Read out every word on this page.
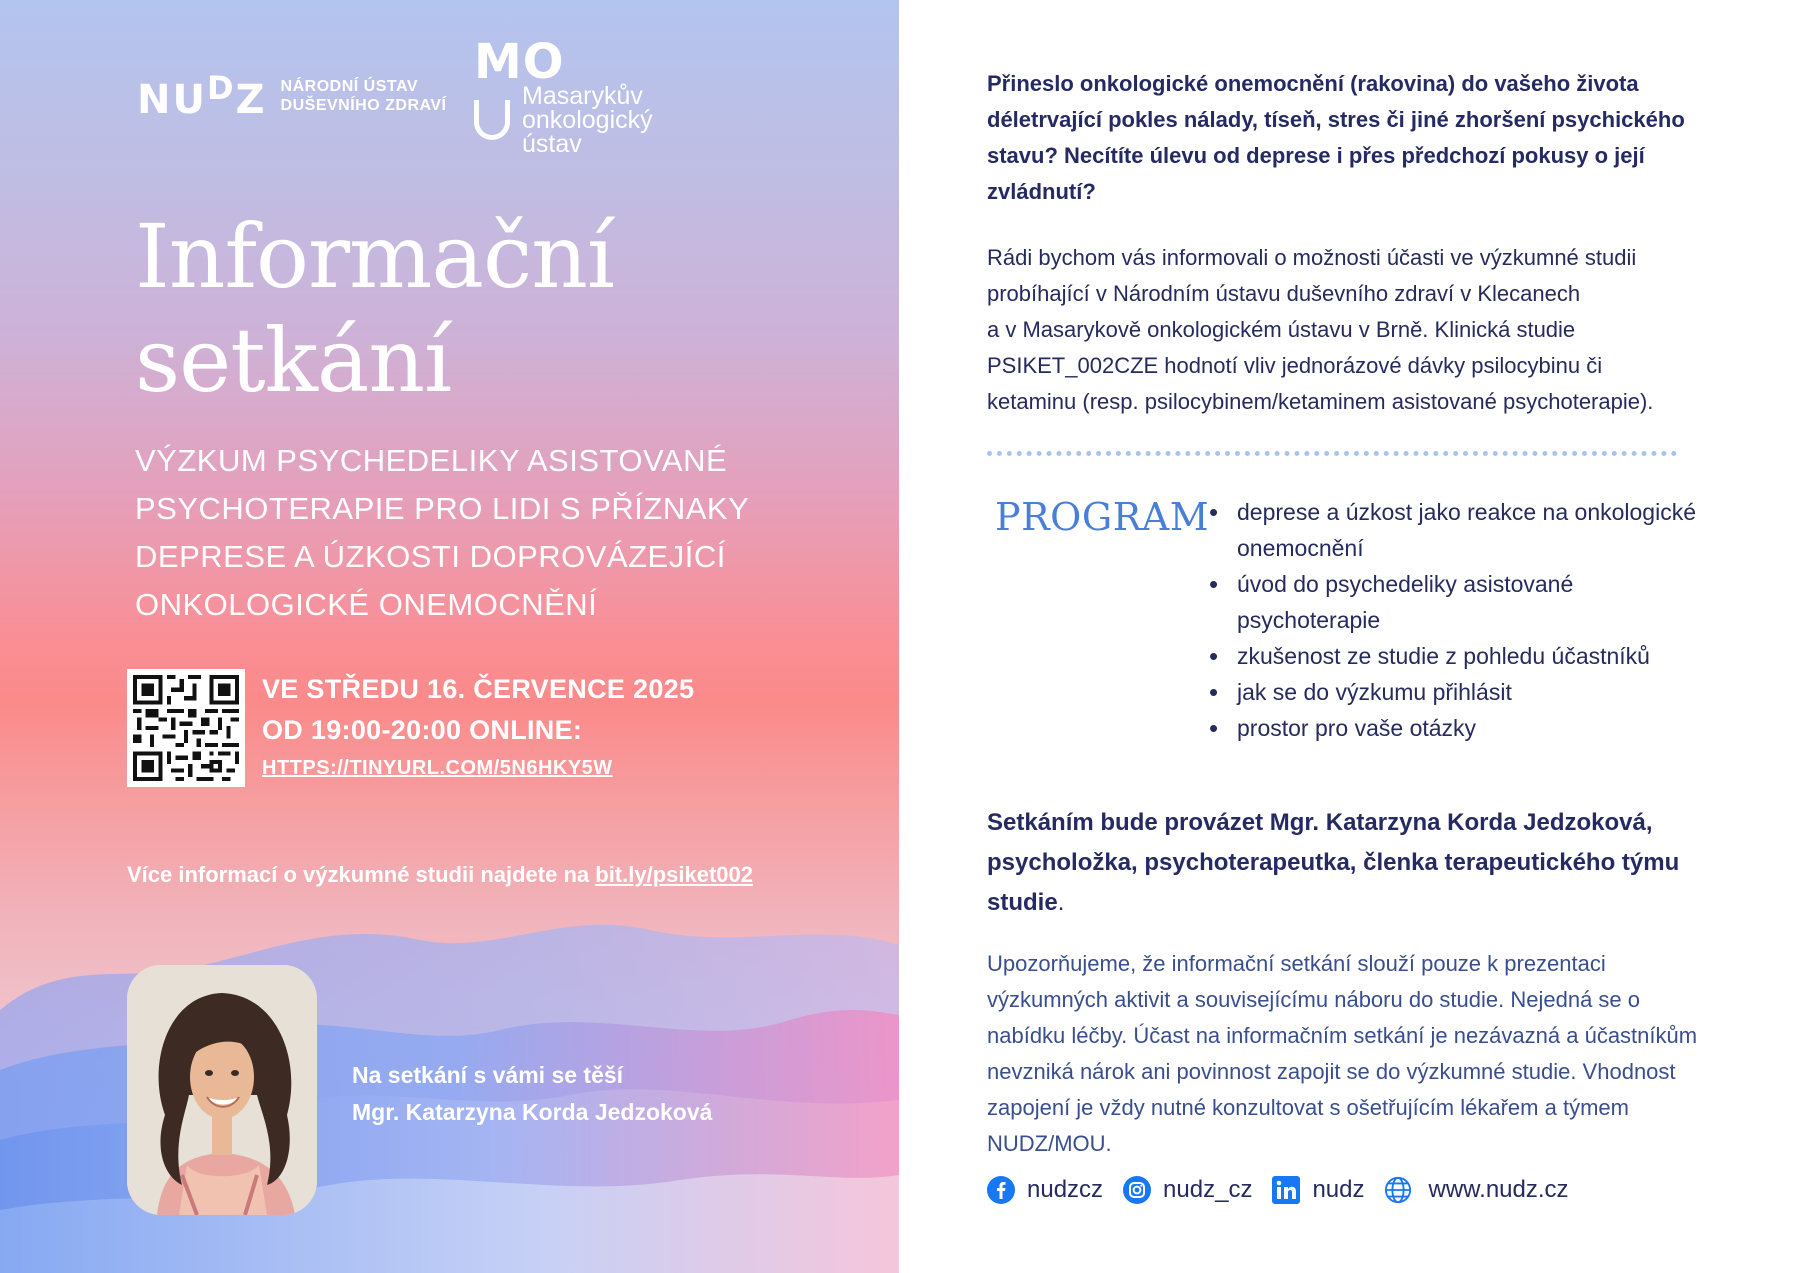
$NU^DZ$ NÁRODNÍ ÚSTAV
DUŠEVNÍHO ZDRAVÍ
MO
Masarykův
onkologický
ústav
Informační
setkání
VÝZKUM PSYCHEDELIKY ASISTOVANÉ
PSYCHOTERAPIE PRO LIDI S PŘÍZNAKY
DEPRESE A ÚZKOSTI DOPROVÁZEJÍCÍ
ONKOLOGICKÉ ONEMOCNĚNÍ
VE STŘEDU 16. ČERVENCE 2025
OD 19:00-20:00 ONLINE:
HTTPS://TINYURL.COM/5N6HKY5W
Více informací o výzkumné studii najdete na bit.ly/psiket002
Na setkání s vámi se těší
Mgr. Katarzyna Korda Jedzoková
Přineslo onkologické onemocnění (rakovina) do vašeho života déletrvající pokles nálady, tíseň, stres či jiné zhoršení psychického stavu? Necítíte úlevu od deprese i přes předchozí pokusy o její zvládnutí?
Rádi bychom vás informovali o možnosti účasti ve výzkumné studii
probíhající v Národním ústavu duševního zdraví v Klecanech
a v Masarykově onkologickém ústavu v Brně. Klinická studie
PSIKET_002CZE hodnotí vliv jednorázové dávky psilocybinu či
ketaminu (resp. psilocybinem/ketaminem asistované psychoterapie).
PROGRAM
• deprese a úzkost jako reakce na onkologické onemocnění
• úvod do psychedeliky asistované psychoterapie
• zkušenost ze studie z pohledu účastníků
• jak se do výzkumu přihlásit
• prostor pro vaše otázky
Setkáním bude provázet Mgr. Katarzyna Korda Jedzoková, psycholožka, psychoterapeutka, členka terapeutického týmu studie.
Upozorňujeme, že informační setkání slouží pouze k prezentaci výzkumných aktivit a souvisejícímu náboru do studie. Nejedná se o nabídku léčby. Účast na informačním setkání je nezávazná a účastníkům nevzniká nárok ani povinnost zapojit se do výzkumné studie. Vhodnost zapojení je vždy nutné konzultovat s ošetřujícím lékařem a týmem NUDZ/MOU.
nudzcz	nudz_cz	nudz	www.nudz.cz
